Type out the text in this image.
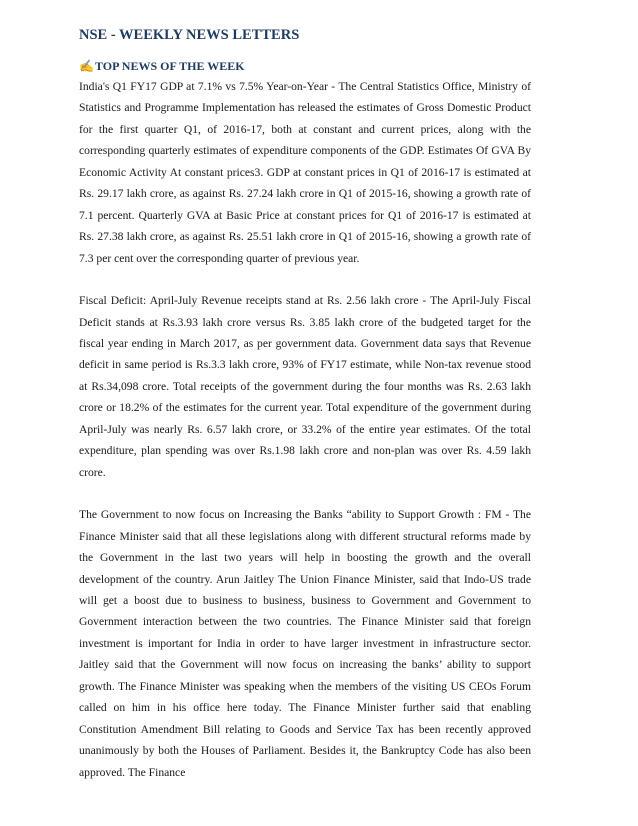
NSE - WEEKLY NEWS LETTERS
✍ TOP NEWS OF THE WEEK

India's Q1 FY17 GDP at 7.1% vs 7.5% Year-on-Year - The Central Statistics Office, Ministry of Statistics and Programme Implementation has released the estimates of Gross Domestic Product for the first quarter Q1, of 2016-17, both at constant and current prices, along with the corresponding quarterly estimates of expenditure components of the GDP. Estimates Of GVA By Economic Activity At constant prices3. GDP at constant prices in Q1 of 2016-17 is estimated at Rs. 29.17 lakh crore, as against Rs. 27.24 lakh crore in Q1 of 2015-16, showing a growth rate of 7.1 percent. Quarterly GVA at Basic Price at constant prices for Q1 of 2016-17 is estimated at Rs. 27.38 lakh crore, as against Rs. 25.51 lakh crore in Q1 of 2015-16, showing a growth rate of 7.3 per cent over the corresponding quarter of previous year.

Fiscal Deficit: April-July Revenue receipts stand at Rs. 2.56 lakh crore - The April-July Fiscal Deficit stands at Rs.3.93 lakh crore versus Rs. 3.85 lakh crore of the budgeted target for the fiscal year ending in March 2017, as per government data. Government data says that Revenue deficit in same period is Rs.3.3 lakh crore, 93% of FY17 estimate, while Non-tax revenue stood at Rs.34,098 crore. Total receipts of the government during the four months was Rs. 2.63 lakh crore or 18.2% of the estimates for the current year. Total expenditure of the government during April-July was nearly Rs. 6.57 lakh crore, or 33.2% of the entire year estimates. Of the total expenditure, plan spending was over Rs.1.98 lakh crore and non-plan was over Rs. 4.59 lakh crore.

The Government to now focus on Increasing the Banks “ability to Support Growth : FM - The Finance Minister said that all these legislations along with different structural reforms made by the Government in the last two years will help in boosting the growth and the overall development of the country. Arun Jaitley The Union Finance Minister, said that Indo-US trade will get a boost due to business to business, business to Government and Government to Government interaction between the two countries. The Finance Minister said that foreign investment is important for India in order to have larger investment in infrastructure sector. Jaitley said that the Government will now focus on increasing the banks’ ability to support growth. The Finance Minister was speaking when the members of the visiting US CEOs Forum called on him in his office here today. The Finance Minister further said that enabling Constitution Amendment Bill relating to Goods and Service Tax has been recently approved unanimously by both the Houses of Parliament. Besides it, the Bankruptcy Code has also been approved. The Finance
